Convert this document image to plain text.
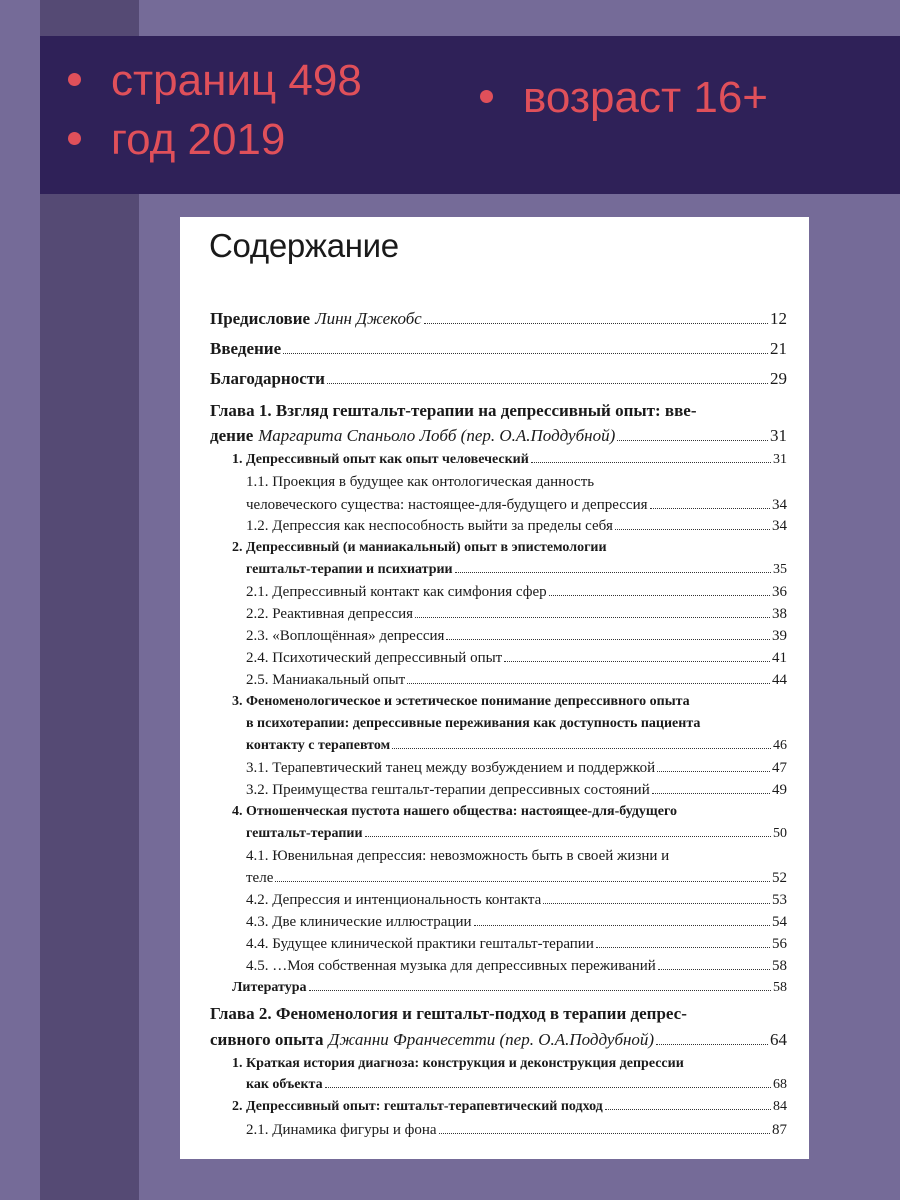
страниц 498
год 2019
возраст 16+
Содержание
Предисловие Линн Джекобс	12
Введение	21
Благодарности	29
Глава 1. Взгляд гештальт-терапии на депрессивный опыт: вве-
дение Маргарита Спаньоло Лобб (пер. О.А.Поддубной)	31
1. Депрессивный опыт как опыт человеческий	31
1.1. Проекция в будущее как онтологическая данность
человеческого существа: настоящее-для-будущего и депрессия	34
1.2. Депрессия как неспособность выйти за пределы себя	34
2. Депрессивный (и маниакальный) опыт в эпистемологии
гештальт-терапии и психиатрии	35
2.1. Депрессивный контакт как симфония сфер	36
2.2. Реактивная депрессия	38
2.3. «Воплощённая» депрессия	39
2.4. Психотический депрессивный опыт	41
2.5. Маниакальный опыт	44
3. Феноменологическое и эстетическое понимание депрессивного опыта
в психотерапии: депрессивные переживания как доступность пациента
контакту с терапевтом	46
3.1. Терапевтический танец между возбуждением и поддержкой	47
3.2. Преимущества гештальт-терапии депрессивных состояний	49
4. Отношенческая пустота нашего общества: настоящее-для-будущего
гештальт-терапии	50
4.1. Ювенильная депрессия: невозможность быть в своей жизни и
теле	52
4.2. Депрессия и интенциональность контакта	53
4.3. Две клинические иллюстрации	54
4.4. Будущее клинической практики гештальт-терапии	56
4.5. …Моя собственная музыка для депрессивных переживаний	58
Литература	58
Глава 2. Феноменология и гештальт-подход в терапии депрес-
сивного опыта Джанни Франчесетти (пер. О.А.Поддубной)	64
1. Краткая история диагноза: конструкция и деконструкция депрессии
как объекта	68
2. Депрессивный опыт: гештальт-терапевтический подход	84
2.1. Динамика фигуры и фона	87
